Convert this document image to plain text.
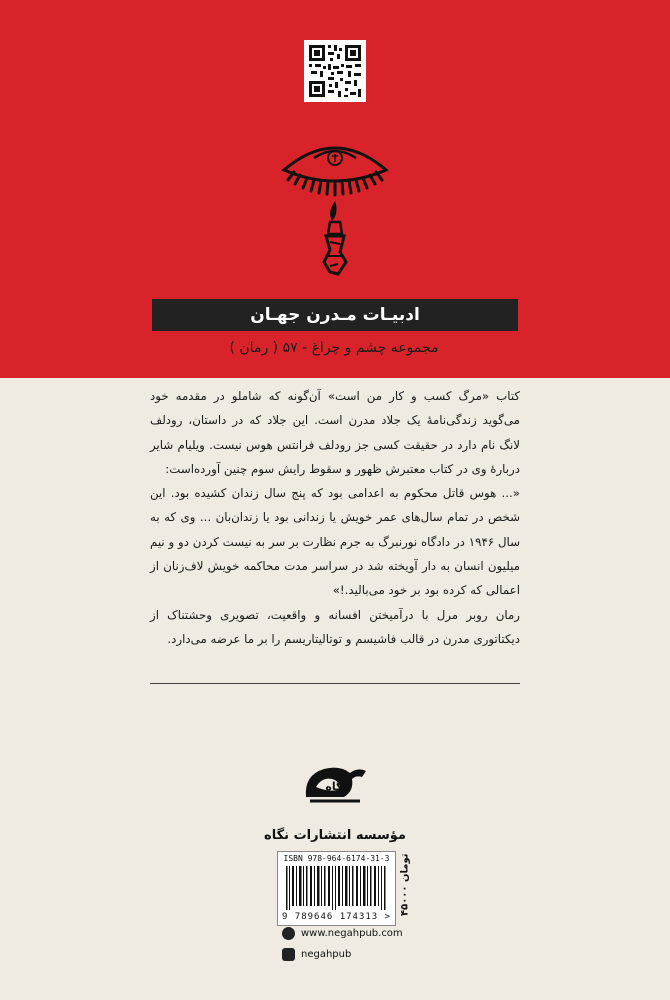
ادبیـات مـدرن جهـان
مجموعه چشم و چراغ - ۵۷ ( رمان )

کتاب «مرگ کسب و کار من است» آن‌گونه که شاملو در مقدمه خود می‌گوید زندگی‌نامهٔ یک جلاد مدرن است. این جلاد که در داستان، رودلف لانگ نام دارد در حقیقت کسی جز رودلف فرانتس هوس نیست. ویلیام شایر دربارهٔ وی در کتاب معتبرش ظهور و سقوط رایش سوم چنین آورده‌است:

«... هوس قاتل محکوم به اعدامی بود که پنج سال زندان کشیده بود. این شخص در تمام سال‌های عمر خویش یا زندانی بود یا زندان‌بان ... وی که به سال ۱۹۴۶ در دادگاه نورنبرگ به جرم نظارت بر سر به نیست کردن دو و نیم میلیون انسان به دار آویخته شد در سراسر مدت محاکمه خویش لاف‌زنان از اعمالی که کرده بود بر خود می‌بالید.!»

رمان روبر مرل با درآمیختن افسانه و واقعیت، تصویری وحشتناک از دیکتاتوری مدرن در قالب فاشیسم و توتالیتاریسم را بر ما عرضه می‌دارد.

نگاه
مؤسسه انتشارات نگاه
ISBN 978-964-6174-31-3
9 789646 174313 >
۴۵۰۰۰ تومان
www.negahpub.com
negahpub
